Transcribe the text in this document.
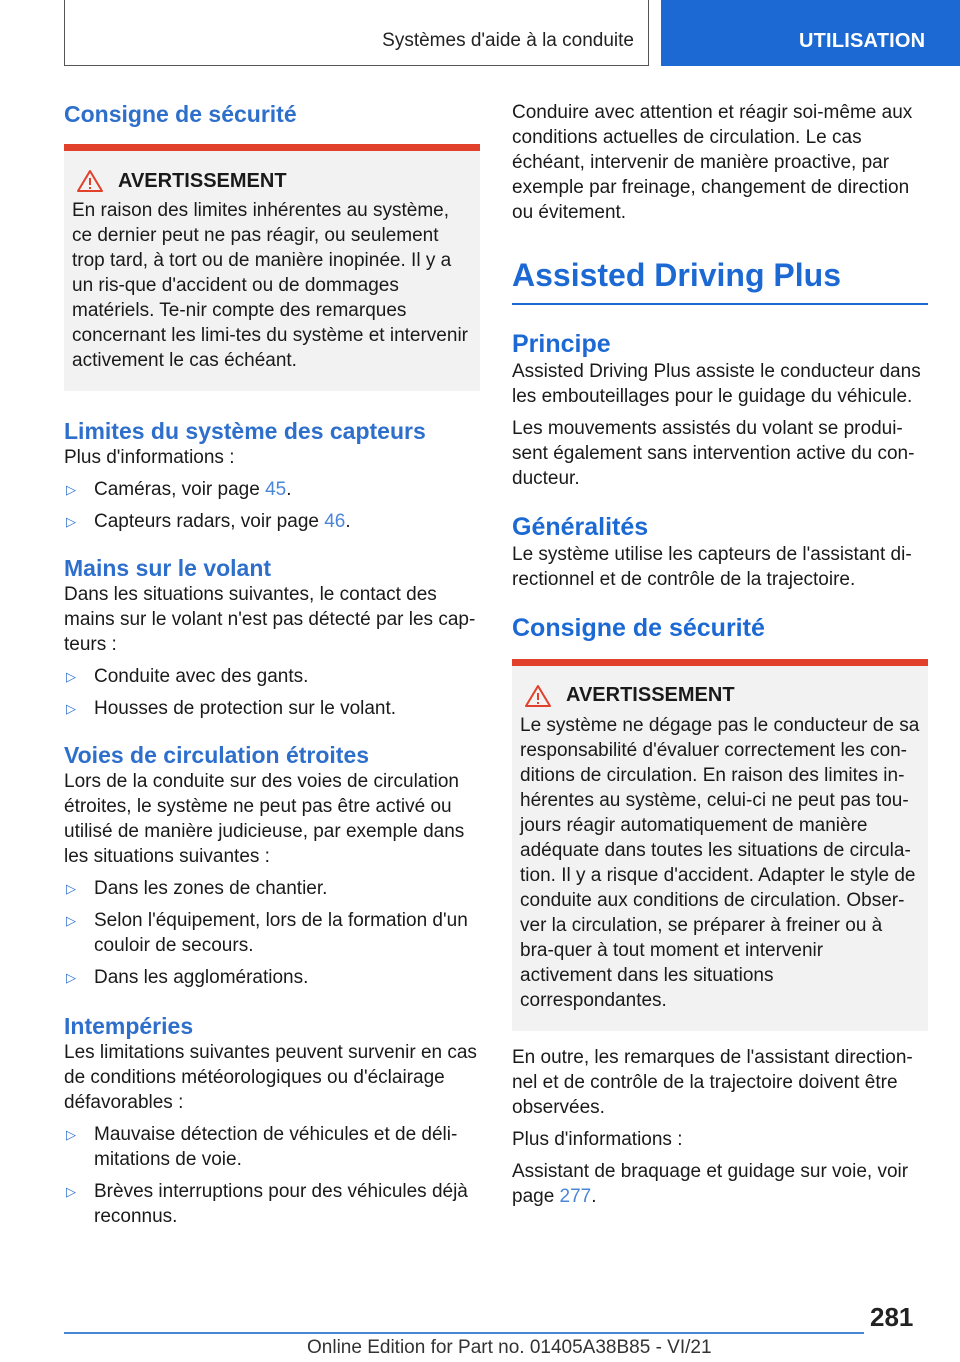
Systèmes d'aide à la conduite	UTILISATION
Consigne de sécurité
AVERTISSEMENT

En raison des limites inhérentes au système, ce dernier peut ne pas réagir, ou seulement trop tard, à tort ou de manière inopinée. Il y a un ris-que d'accident ou de dommages matériels. Te-nir compte des remarques concernant les limi-tes du système et intervenir activement le cas échéant.

Limites du système des capteurs

Plus d'informations :

▷ Caméras, voir page 45.
▷ Capteurs radars, voir page 46.
Mains sur le volant

Dans les situations suivantes, le contact des mains sur le volant n'est pas détecté par les cap-teurs :

▷ Conduite avec des gants.
▷ Housses de protection sur le volant.
Voies de circulation étroites

Lors de la conduite sur des voies de circulation étroites, le système ne peut pas être activé ou utilisé de manière judicieuse, par exemple dans les situations suivantes :

▷ Dans les zones de chantier.
▷ Selon l'équipement, lors de la formation d'un couloir de secours.
▷ Dans les agglomérations.
Intempéries

Les limitations suivantes peuvent survenir en cas de conditions météorologiques ou d'éclairage défavorables :

▷ Mauvaise détection de véhicules et de déli-mitations de voie.
▷ Brèves interruptions pour des véhicules déjà reconnus.

Conduire avec attention et réagir soi-même aux conditions actuelles de circulation. Le cas échéant, intervenir de manière proactive, par exemple par freinage, changement de direction ou évitement.

Assisted Driving Plus
Principe

Assisted Driving Plus assiste le conducteur dans les embouteillages pour le guidage du véhicule.

Les mouvements assistés du volant se produi-sent également sans intervention active du con-ducteur.

Généralités

Le système utilise les capteurs de l'assistant di-rectionnel et de contrôle de la trajectoire.

Consigne de sécurité
AVERTISSEMENT

Le système ne dégage pas le conducteur de sa responsabilité d'évaluer correctement les con-ditions de circulation. En raison des limites in-hérentes au système, celui-ci ne peut pas tou-jours réagir automatiquement de manière adéquate dans toutes les situations de circula-tion. Il y a risque d'accident. Adapter le style de conduite aux conditions de circulation. Obser-ver la circulation, se préparer à freiner ou à bra-quer à tout moment et intervenir activement dans les situations correspondantes.

En outre, les remarques de l'assistant direction-nel et de contrôle de la trajectoire doivent être observées.

Plus d'informations :

Assistant de braquage et guidage sur voie, voir page 277.

281
Online Edition for Part no. 01405A38B85 - VI/21
